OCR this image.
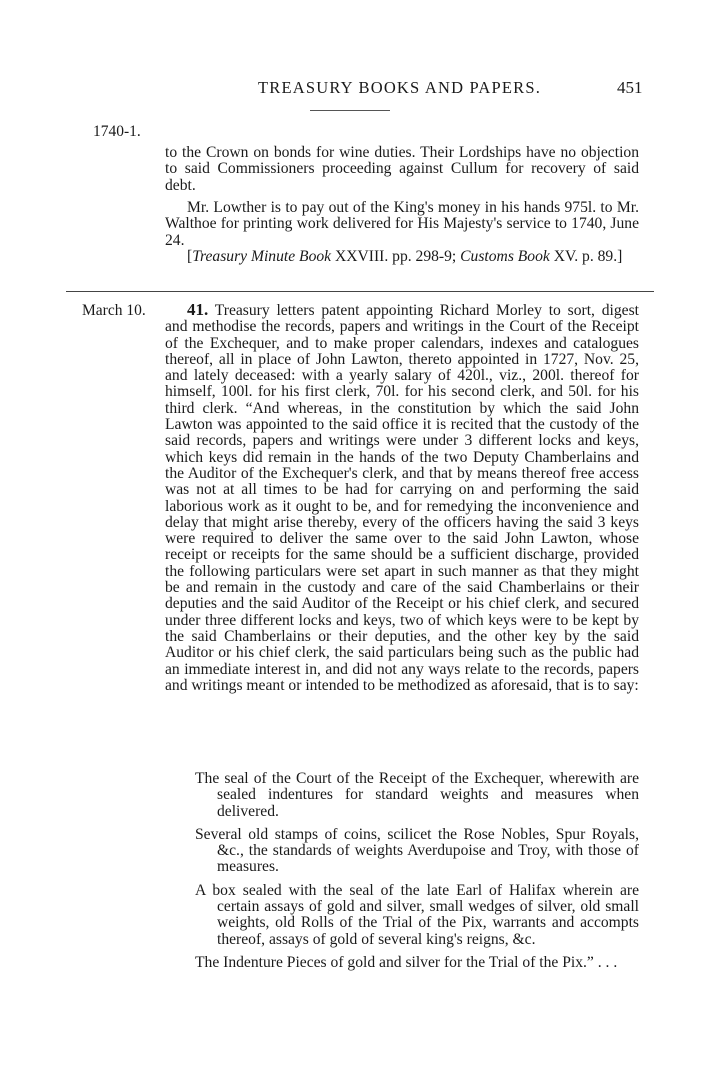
TREASURY BOOKS AND PAPERS.	451
1740-1.

to the Crown on bonds for wine duties. Their Lordships have no objection to said Commissioners proceeding against Cullum for recovery of said debt.

Mr. Lowther is to pay out of the King's money in his hands 975l. to Mr. Walthoe for printing work delivered for His Majesty's service to 1740, June 24.

[Treasury Minute Book XXVIII. pp. 298-9; Customs Book XV. p. 89.]

March 10.	41. Treasury letters patent appointing Richard Morley to sort, digest and methodise the records, papers and writings in the Court of the Receipt of the Exchequer, and to make proper calendars, indexes and catalogues thereof, all in place of John Lawton, thereto appointed in 1727, Nov. 25, and lately deceased: with a yearly salary of 420l., viz., 200l. thereof for himself, 100l. for his first clerk, 70l. for his second clerk, and 50l. for his third clerk. “And whereas, in the constitution by which the said John Lawton was appointed to the said office it is recited that the custody of the said records, papers and writings were under 3 different locks and keys, which keys did remain in the hands of the two Deputy Chamberlains and the Auditor of the Exchequer's clerk, and that by means thereof free access was not at all times to be had for carrying on and performing the said laborious work as it ought to be, and for remedying the inconvenience and delay that might arise thereby, every of the officers having the said 3 keys were required to deliver the same over to the said John Lawton, whose receipt or receipts for the same should be a sufficient discharge, provided the following particulars were set apart in such manner as that they might be and remain in the custody and care of the said Chamberlains or their deputies and the said Auditor of the Receipt or his chief clerk, and secured under three different locks and keys, two of which keys were to be kept by the said Chamberlains or their deputies, and the other key by the said Auditor or his chief clerk, the said particulars being such as the public had an immediate interest in, and did not any ways relate to the records, papers and writings meant or intended to be methodized as aforesaid, that is to say:

The seal of the Court of the Receipt of the Exchequer, wherewith are sealed indentures for standard weights and measures when delivered.

Several old stamps of coins, scilicet the Rose Nobles, Spur Royals, &c., the standards of weights Averdupoise and Troy, with those of measures.

A box sealed with the seal of the late Earl of Halifax wherein are certain assays of gold and silver, small wedges of silver, old small weights, old Rolls of the Trial of the Pix, warrants and accompts thereof, assays of gold of several king's reigns, &c.

The Indenture Pieces of gold and silver for the Trial of the Pix.” . . .
